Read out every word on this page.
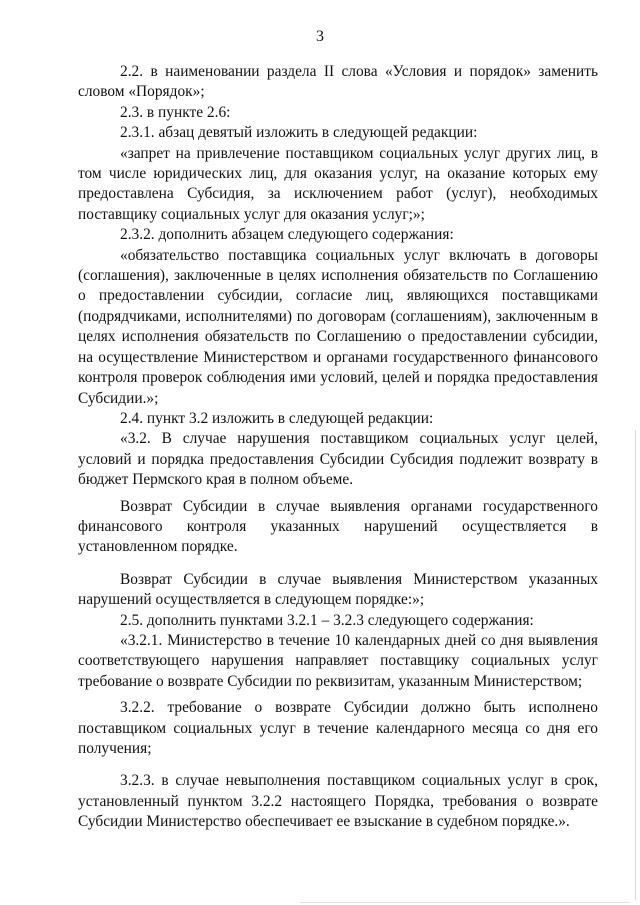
3

2.2. в наименовании раздела II слова «Условия и порядок» заменить словом «Порядок»;

2.3. в пункте 2.6:

2.3.1. абзац девятый изложить в следующей редакции:

«запрет на привлечение поставщиком социальных услуг других лиц, в том числе юридических лиц, для оказания услуг, на оказание которых ему предоставлена Субсидия, за исключением работ (услуг), необходимых поставщику социальных услуг для оказания услуг;»;

2.3.2. дополнить абзацем следующего содержания:

«обязательство поставщика социальных услуг включать в договоры (соглашения), заключенные в целях исполнения обязательств по Соглашению о предоставлении субсидии, согласие лиц, являющихся поставщиками (подрядчиками, исполнителями) по договорам (соглашениям), заключенным в целях исполнения обязательств по Соглашению о предоставлении субсидии, на осуществление Министерством и органами государственного финансового контроля проверок соблюдения ими условий, целей и порядка предоставления Субсидии.»;

2.4. пункт 3.2 изложить в следующей редакции:

«3.2. В случае нарушения поставщиком социальных услуг целей, условий и порядка предоставления Субсидии Субсидия подлежит возврату в бюджет Пермского края в полном объеме.

Возврат Субсидии в случае выявления органами государственного финансового контроля указанных нарушений осуществляется в установленном порядке.

Возврат Субсидии в случае выявления Министерством указанных нарушений осуществляется в следующем порядке:»;

2.5. дополнить пунктами 3.2.1 – 3.2.3 следующего содержания:

«3.2.1. Министерство в течение 10 календарных дней со дня выявления соответствующего нарушения направляет поставщику социальных услуг требование о возврате Субсидии по реквизитам, указанным Министерством;

3.2.2. требование о возврате Субсидии должно быть исполнено поставщиком социальных услуг в течение календарного месяца со дня его получения;

3.2.3. в случае невыполнения поставщиком социальных услуг в срок, установленный пунктом 3.2.2 настоящего Порядка, требования о возврате Субсидии Министерство обеспечивает ее взыскание в судебном порядке.».
